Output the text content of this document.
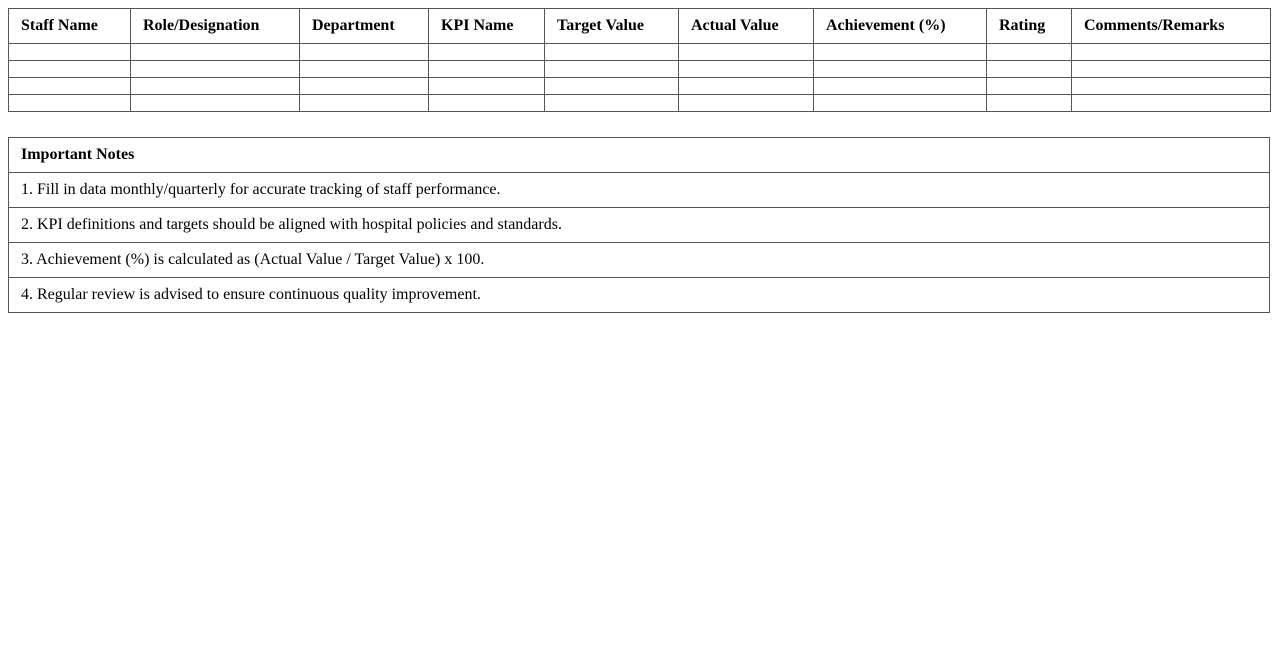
Staff Name	Role/Designation	Department	KPI Name	Target Value	Actual Value	Achievement (%)	Rating	Comments/Remarks

Important Notes
1. Fill in data monthly/quarterly for accurate tracking of staff performance.
2. KPI definitions and targets should be aligned with hospital policies and standards.
3. Achievement (%) is calculated as (Actual Value / Target Value) x 100.
4. Regular review is advised to ensure continuous quality improvement.
